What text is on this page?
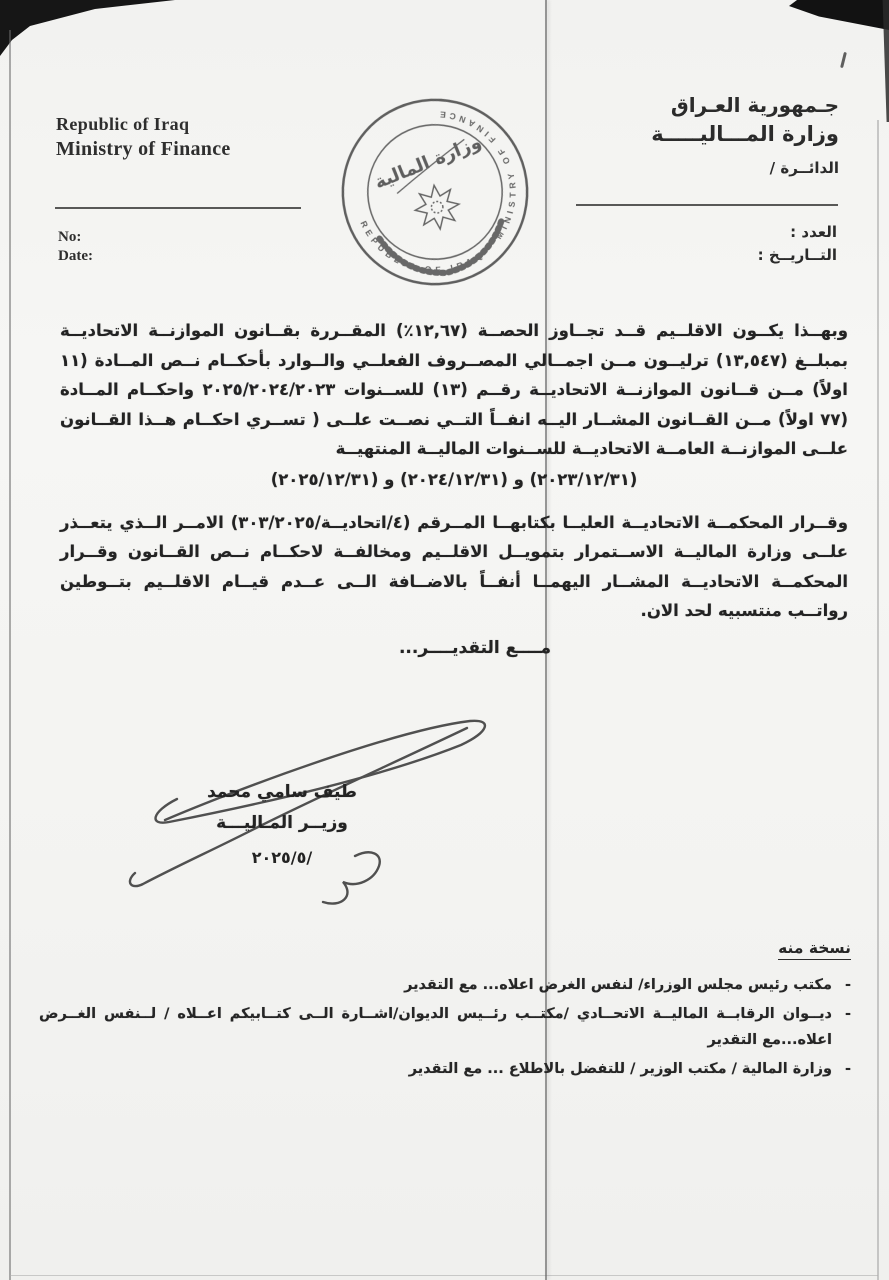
Republic of Iraq
Ministry of Finance
No:
Date:
جـمهورية العـراق
وزارة المـــاليـــــة
الدائــرة /
العدد :
التــاريــخ :
REPUBLIC OF IRAQ • MINISTRY OF FINANCE
وزارة المالية
وبهــذا يكــون الاقلــيم قــد تجــاوز الحصــة (١٢,٦٧٪) المقــررة بقــانون الموازنــة الاتحاديــة بمبلــغ (١٣,٥٤٧) ترليــون مــن اجمــالي المصــروف الفعلــي والــوارد بأحكــام نــص المــادة (١١ اولاً) مــن قــانون الموازنــة الاتحاديــة رقــم (١٣) للســنوات ٢٠٢٥/٢٠٢٤/٢٠٢٣ واحكــام المــادة (٧٧ اولاً) مــن القــانون المشــار اليــه انفــاً التــي نصــت علــى ( تســري احكــام هــذا القــانون علــى الموازنــة العامــة الاتحاديــة للســنوات الماليــة المنتهيــة
(٢٠٢٣/١٢/٣١) و (٢٠٢٤/١٢/٣١) و (٢٠٢٥/١٢/٣١)
وقــرار المحكمــة الاتحاديــة العليــا بكتابهــا المــرقم (٤/اتحاديــة/٣٠٣/٢٠٢٥) الامــر الــذي يتعــذر علــى وزارة الماليــة الاســتمرار بتمويــل الاقلــيم ومخالفــة لاحكــام نــص القــانون وقــرار المحكمــة الاتحاديــة المشــار اليهمــا أنفــاً بالاضــافة الــى عــدم قيــام الاقلــيم بتــوطين رواتــب منتسبيه لحد الان.
مــــع التقديــــر...
طيف سامي محمد
وزيــر المـاليـــة
٢٠٢٥/٥/
نسخة منه
-
مكتب رئيس مجلس الوزراء/ لنفس الغرض اعلاه... مع التقدير
-
ديــوان الرقابــة الماليــة الاتحــادي /مكتــب رئــيس الديوان/اشــارة الــى كتــابيكم اعــلاه / لــنفس الغــرض اعلاه...مع التقدير
-
وزارة المالية / مكتب الوزير / للتفضل بالاطلاع ... مع التقدير
